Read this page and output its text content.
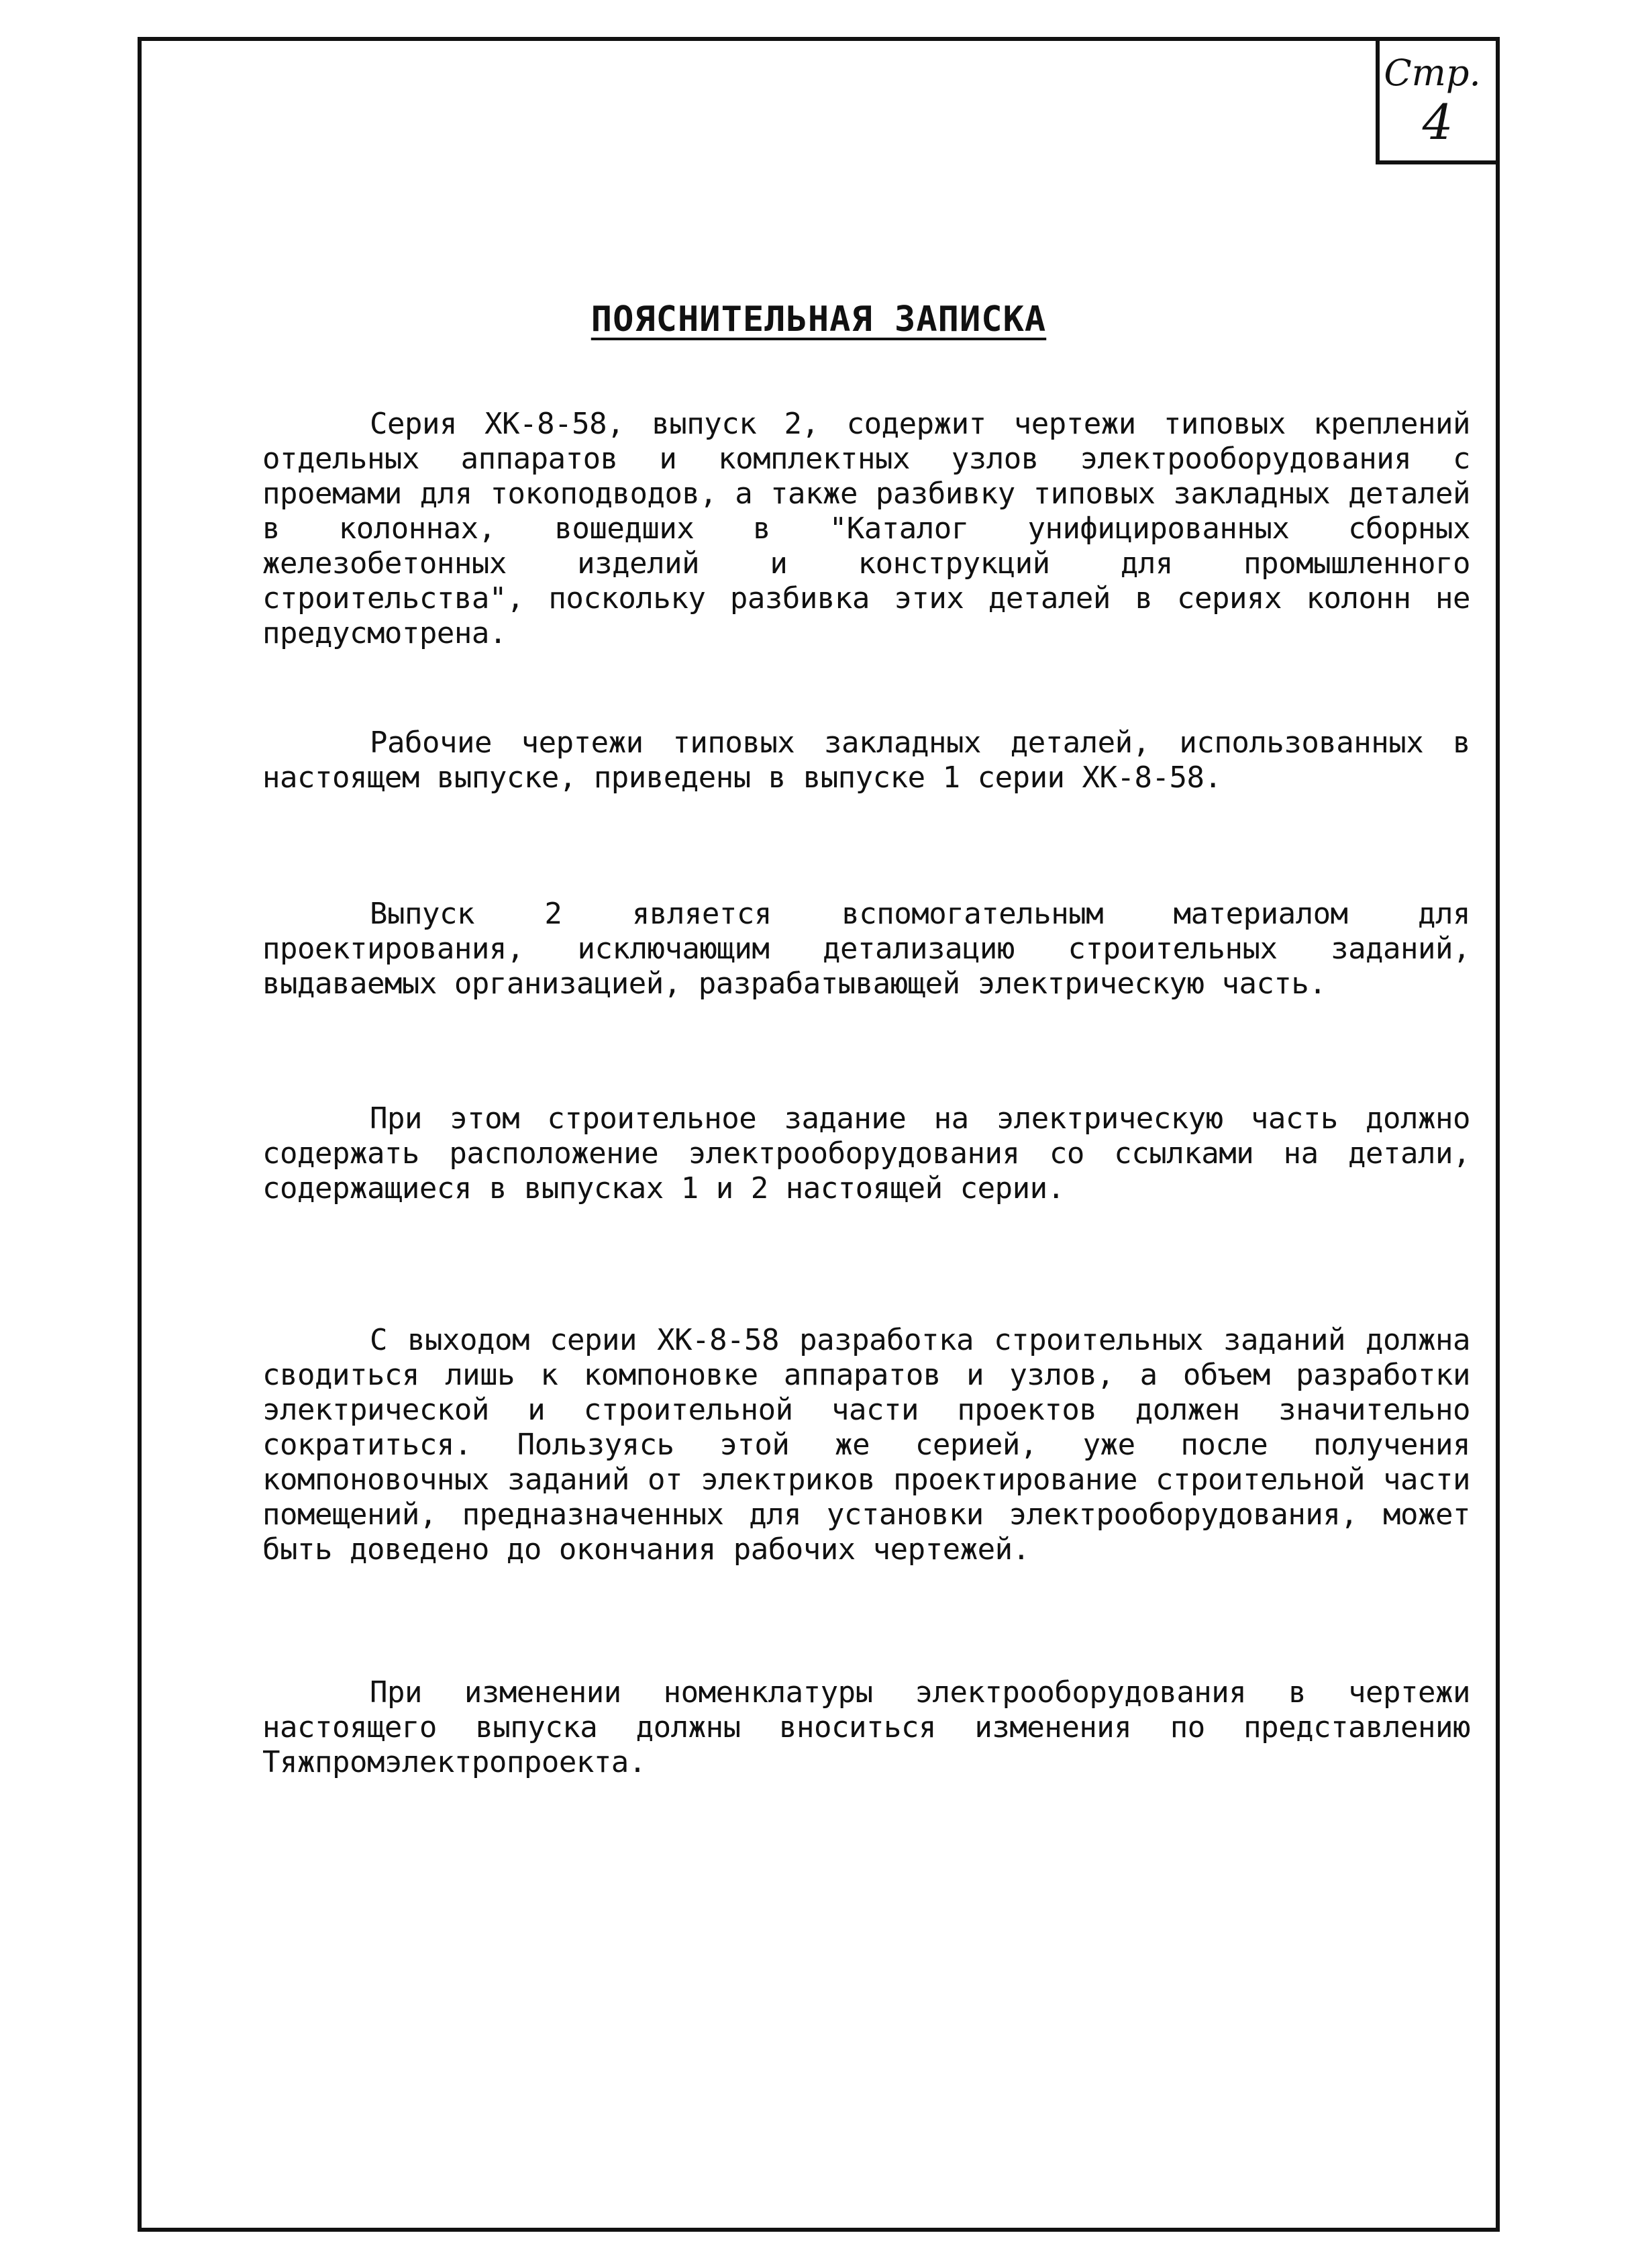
Стр.
4
ПОЯСНИТЕЛЬНАЯ ЗАПИСКА

Серия ХК-8-58, выпуск 2, содержит чертежи типовых креплений отдельных аппаратов и комплектных узлов электрооборудования с проемами для токоподводов, а также разбивку типовых закладных деталей в колоннах, вошедших в "Каталог унифицированных сборных железобетонных изделий и конструкций для промышленного строительства", поскольку разбивка этих деталей в сериях колонн не предусмотрена.

Рабочие чертежи типовых закладных деталей, использованных в настоящем выпуске, приведены в выпуске 1 серии ХК-8-58.

Выпуск 2 является вспомогательным материалом для проектирования, исключающим детализацию строительных заданий, выдаваемых организацией, разрабатывающей электрическую часть.

При этом строительное задание на электрическую часть должно содержать расположение электрооборудования со ссылками на детали, содержащиеся в выпусках 1 и 2 настоящей серии.

С выходом серии ХК-8-58 разработка строительных заданий должна сводиться лишь к компоновке аппаратов и узлов, а объем разработки электрической и строительной части проектов должен значительно сократиться. Пользуясь этой же серией, уже после получения компоновочных заданий от электриков проектирование строительной части помещений, предназначенных для установки электрооборудования, может быть доведено до окончания рабочих чертежей.

При изменении номенклатуры электрооборудования в чертежи настоящего выпуска должны вноситься изменения по представлению Тяжпромэлектропроекта.
